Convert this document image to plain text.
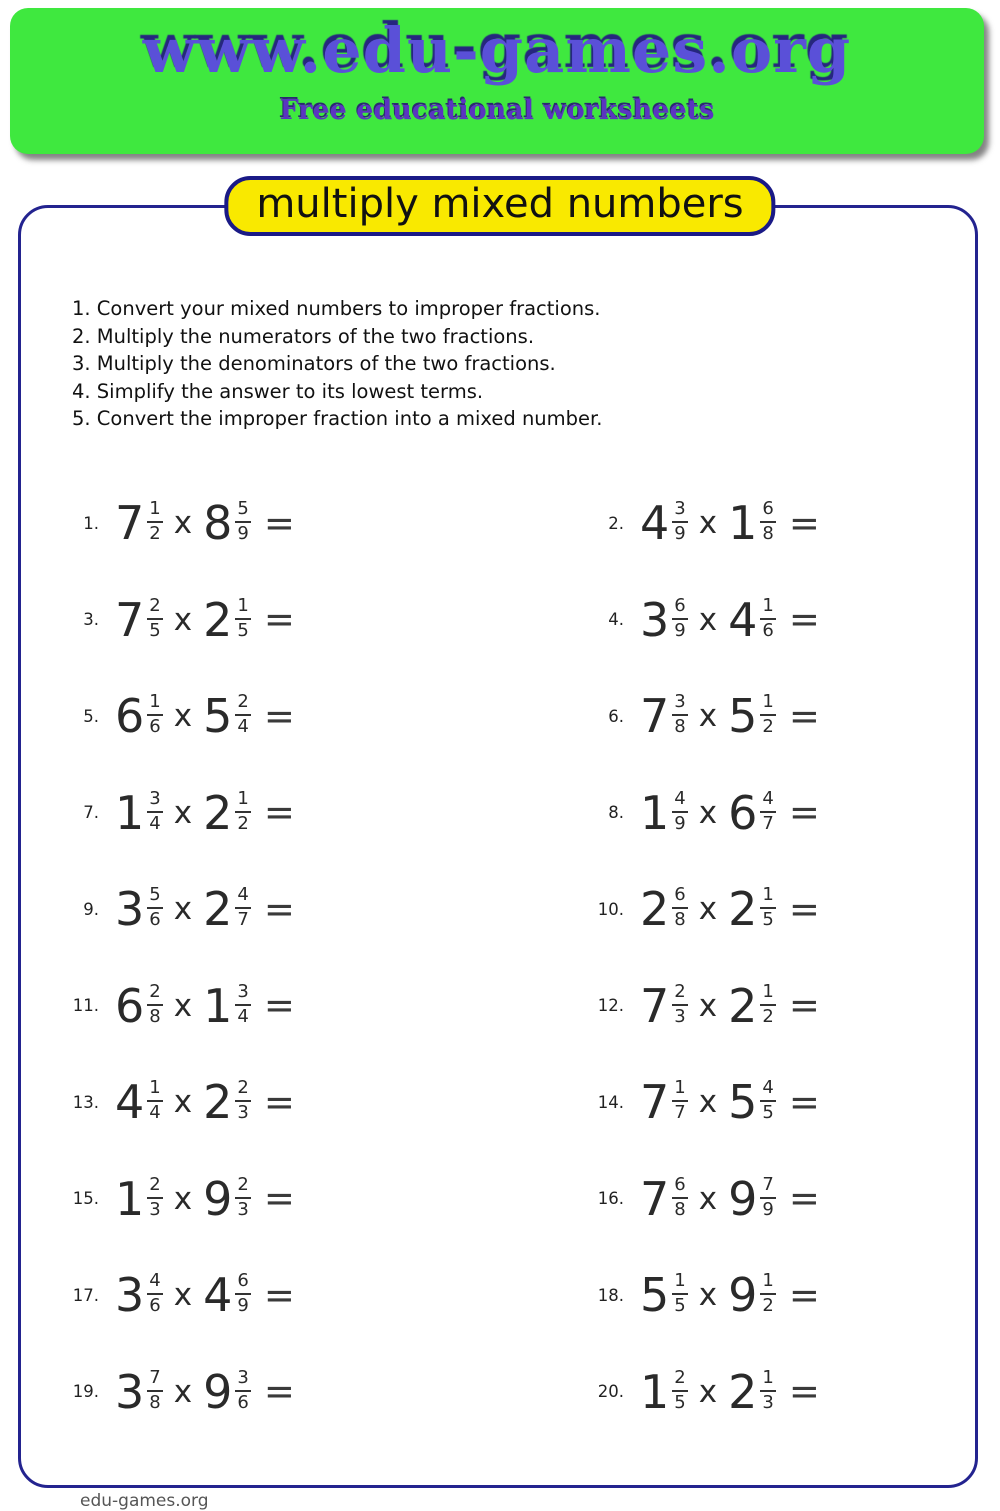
www.edu-games.org
Free educational worksheets
multiply mixed numbers
1. Convert your mixed numbers to improper fractions.
2. Multiply the numerators of the two fractions.
3. Multiply the denominators of the two fractions.
4. Simplify the answer to its lowest terms.
5. Convert the improper fraction into a mixed number.
1. $7 \frac{1}{2}$ x $8 \frac{5}{9}$ =	2. $4 \frac{3}{9}$ x $1 \frac{6}{8}$ =
3. $7 \frac{2}{5}$ x $2 \frac{1}{5}$ =	4. $3 \frac{6}{9}$ x $4 \frac{1}{6}$ =
5. $6 \frac{1}{6}$ x $5 \frac{2}{4}$ =	6. $7 \frac{3}{8}$ x $5 \frac{1}{2}$ =
7. $1 \frac{3}{4}$ x $2 \frac{1}{2}$ =	8. $1 \frac{4}{9}$ x $6 \frac{4}{7}$ =
9. $3 \frac{5}{6}$ x $2 \frac{4}{7}$ =	10. $2 \frac{6}{8}$ x $2 \frac{1}{5}$ =
11. $6 \frac{2}{8}$ x $1 \frac{3}{4}$ =	12. $7 \frac{2}{3}$ x $2 \frac{1}{2}$ =
13. $4 \frac{1}{4}$ x $2 \frac{2}{3}$ =	14. $7 \frac{1}{7}$ x $5 \frac{4}{5}$ =
15. $1 \frac{2}{3}$ x $9 \frac{2}{3}$ =	16. $7 \frac{6}{8}$ x $9 \frac{7}{9}$ =
17. $3 \frac{4}{6}$ x $4 \frac{6}{9}$ =	18. $5 \frac{1}{5}$ x $9 \frac{1}{2}$ =
19. $3 \frac{7}{8}$ x $9 \frac{3}{6}$ =	20. $1 \frac{2}{5}$ x $2 \frac{1}{3}$ =
edu-games.org
